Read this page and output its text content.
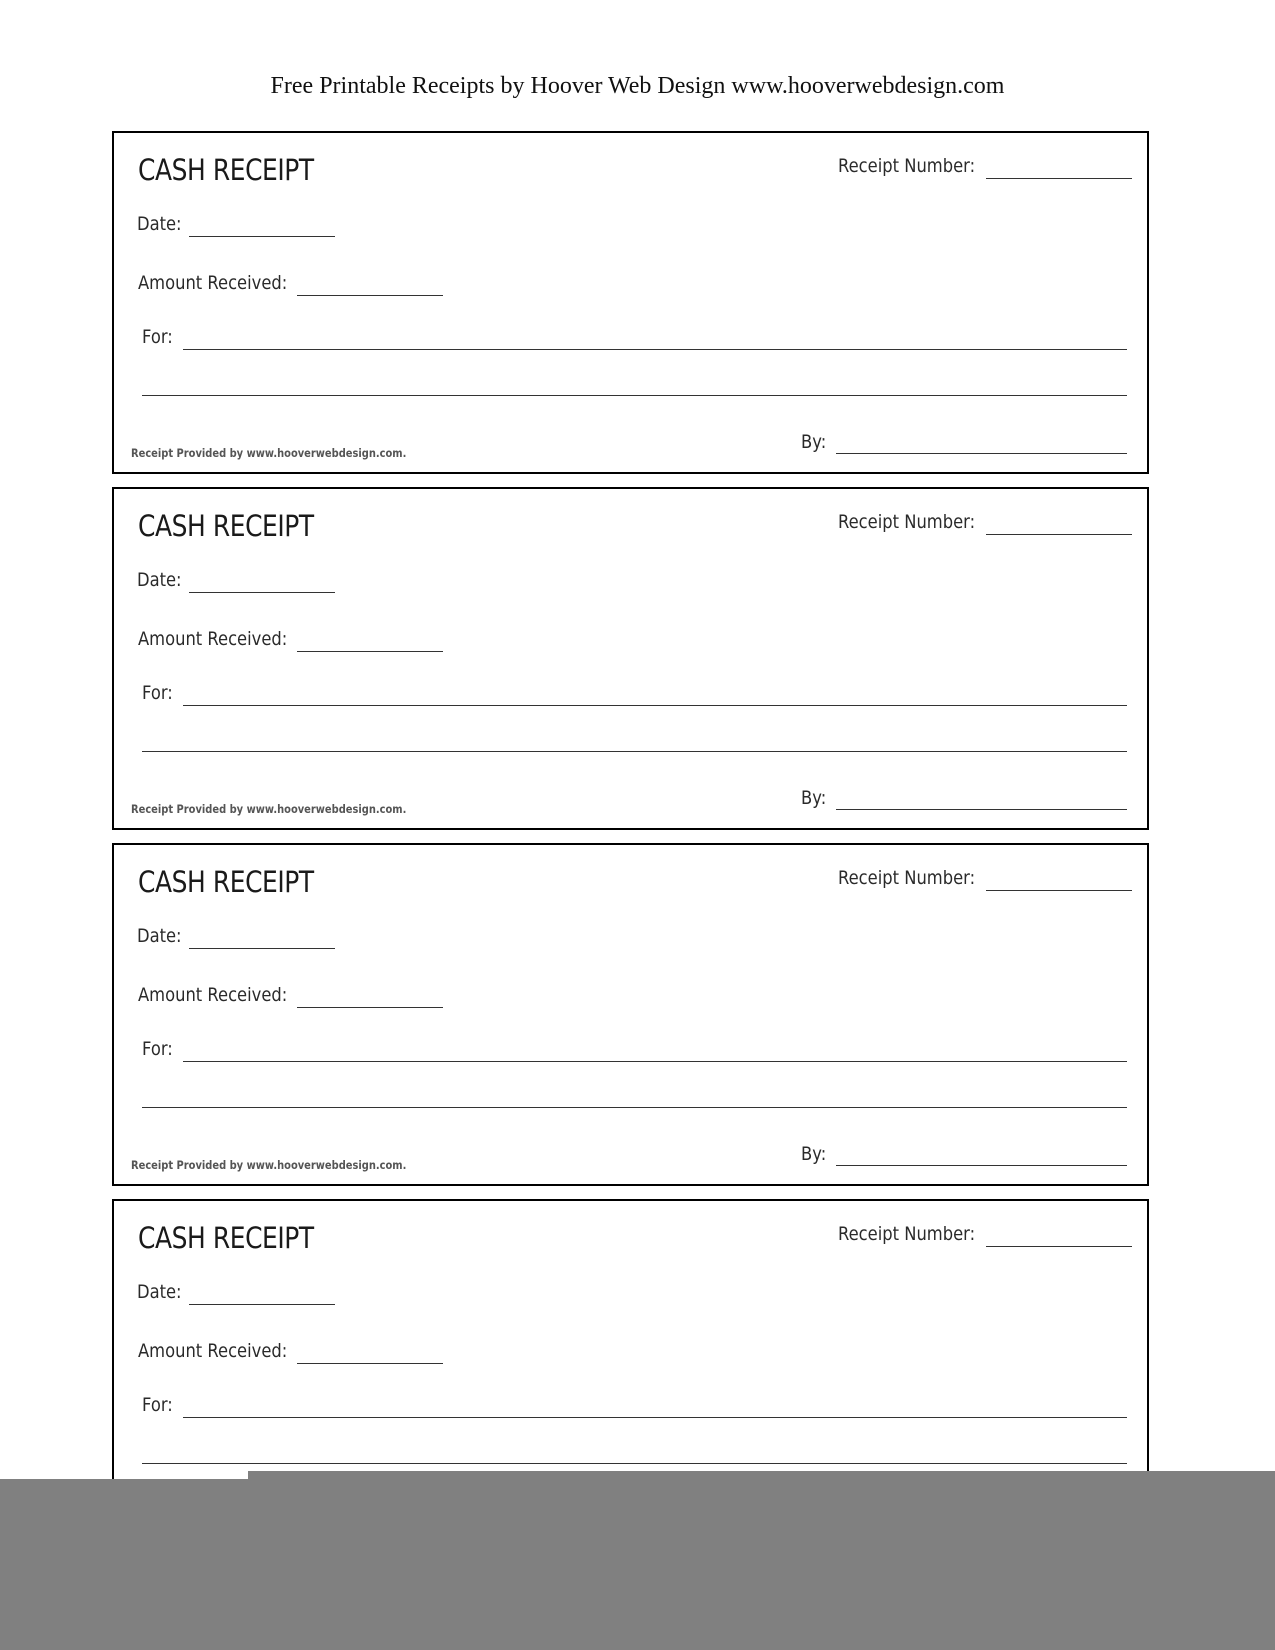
Free Printable Receipts by Hoover Web Design www.hooverwebdesign.com
CASH RECEIPT	Receipt Number:
Date:
Amount Received:
For:
Receipt Provided by www.hooverwebdesign.com.	By:
CASH RECEIPT	Receipt Number:
Date:
Amount Received:
For:
Receipt Provided by www.hooverwebdesign.com.	By:
CASH RECEIPT	Receipt Number:
Date:
Amount Received:
For:
Receipt Provided by www.hooverwebdesign.com.	By:
CASH RECEIPT	Receipt Number:
Date:
Amount Received:
For:
